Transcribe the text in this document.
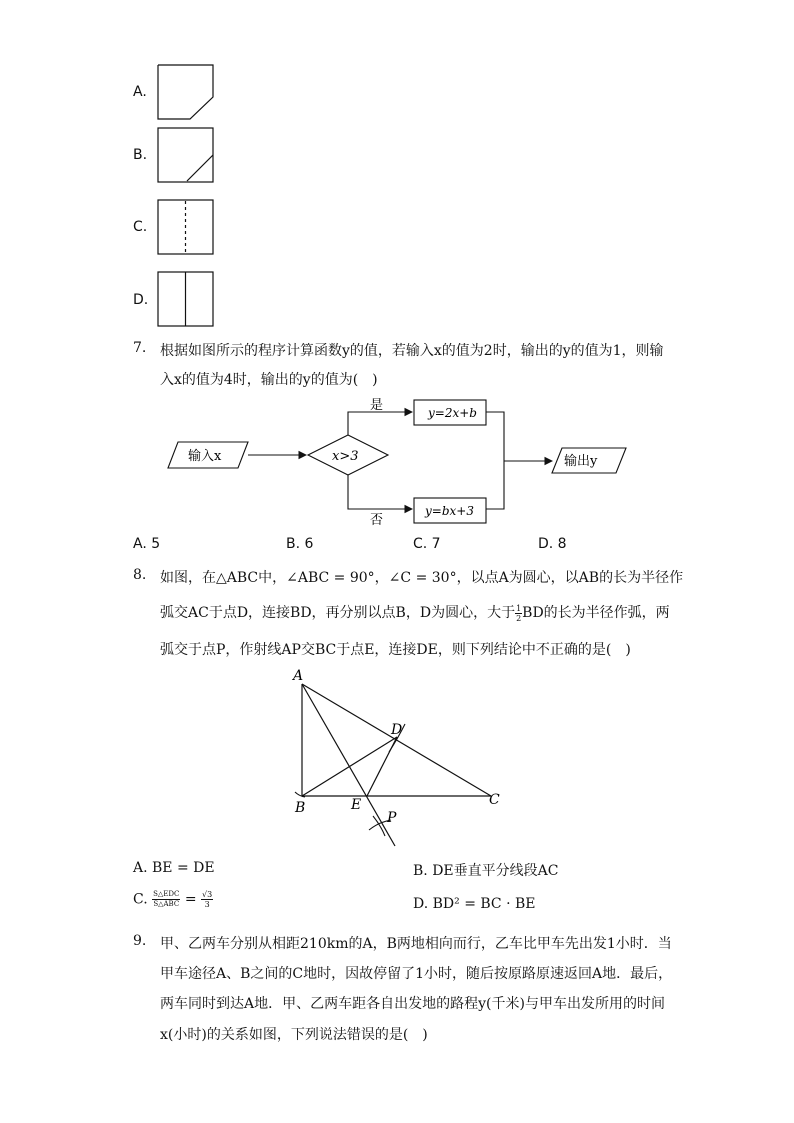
A.
B.
C.
D.
7. 根据如图所示的程序计算函数y的值，若输入x的值为2时，输出的y的值为1，则输
入x的值为4时，输出的y的值为(　)
输入x	x>3
是	y=2x+b
否
y=bx+3
输出y
A. 5	B. 6	C. 7	D. 8
8. 如图，在△ABC中，∠ABC = 90°，∠C = 30°，以点A为圆心，以AB的长为半径作
弧交AC于点D，连接BD，再分别以点B，D为圆心，大于 $\frac{1}{2}$ BD的长为半径作弧，两
弧交于点P，作射线AP交BC于点E，连接DE，则下列结论中不正确的是(　)
A
B	C
D
E
P
A. BE = DE	B. DE垂直平分线段AC
C. $\frac{\text{S△EDC}}{\text{S△ABC}} = \frac{√3}{3}$	D. BD² = BC · BE
9. 甲、乙两车分别从相距210km的A，B两地相向而行，乙车比甲车先出发1小时．当
甲车途径A、B之间的C地时，因故停留了1小时，随后按原路原速返回A地．最后，
两车同时到达A地．甲、乙两车距各自出发地的路程y(千米)与甲车出发所用的时间
x(小时)的关系如图，下列说法错误的是(　)
